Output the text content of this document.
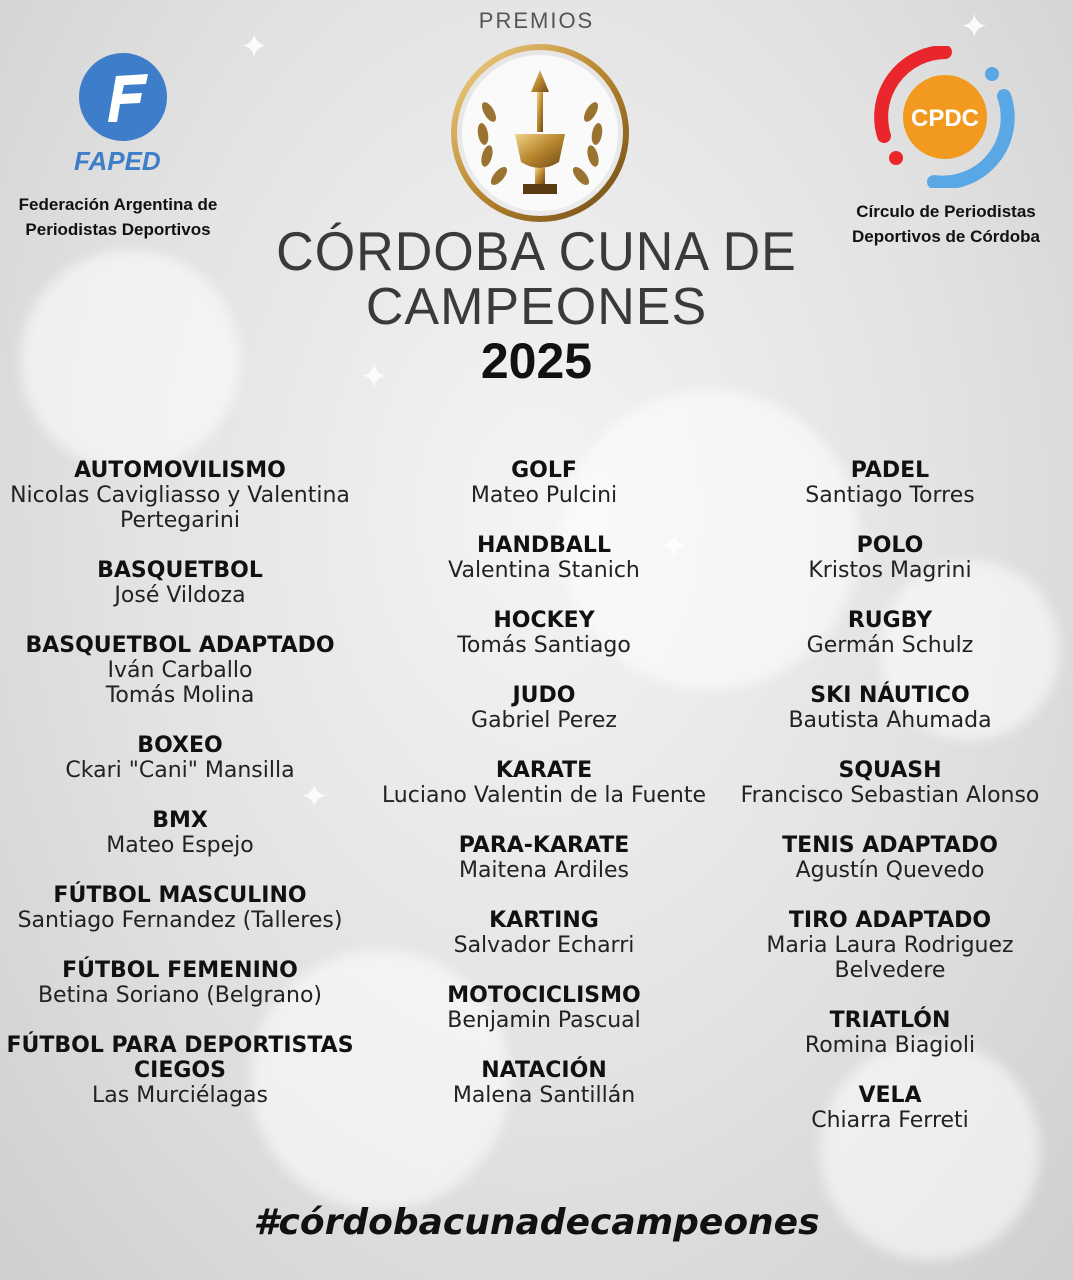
✦
✦
✦
✦
✦
PREMIOS
CÓRDOBA CUNA DE
CAMPEONES
2025
FAPED
Federación Argentina de
Periodistas Deportivos
CPDC
Círculo de Periodistas
Deportivos de Córdoba
AUTOMOVILISMO
Nicolas Cavigliasso y Valentina
Pertegarini
BASQUETBOL
José Vildoza
BASQUETBOL ADAPTADO
Iván Carballo
Tomás Molina
BOXEO
Ckari "Cani" Mansilla
BMX
Mateo Espejo
FÚTBOL MASCULINO
Santiago Fernandez (Talleres)
FÚTBOL FEMENINO
Betina Soriano (Belgrano)
FÚTBOL PARA DEPORTISTAS
CIEGOS
Las Murciélagas
GOLF
Mateo Pulcini
HANDBALL
Valentina Stanich
HOCKEY
Tomás Santiago
JUDO
Gabriel Perez
KARATE
Luciano Valentin de la Fuente
PARA-KARATE
Maitena Ardiles
KARTING
Salvador Echarri
MOTOCICLISMO
Benjamin Pascual
NATACIÓN
Malena Santillán
PADEL
Santiago Torres
POLO
Kristos Magrini
RUGBY
Germán Schulz
SKI NÁUTICO
Bautista Ahumada
SQUASH
Francisco Sebastian Alonso
TENIS ADAPTADO
Agustín Quevedo
TIRO ADAPTADO
Maria Laura Rodriguez
Belvedere
TRIATLÓN
Romina Biagioli
VELA
Chiarra Ferreti
#córdobacunadecampeones
